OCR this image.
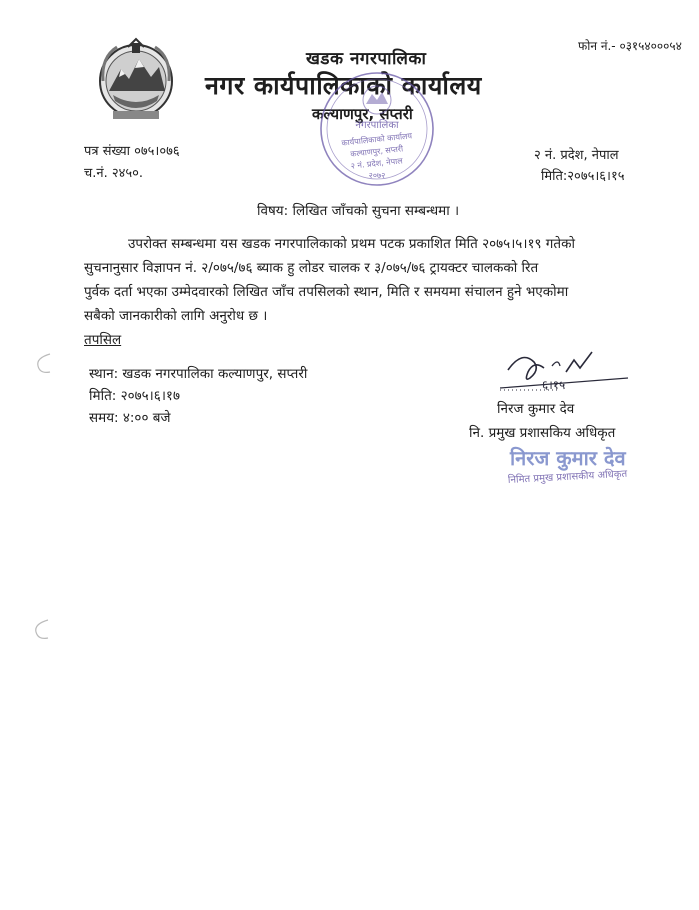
खडक नगरपालिका
नगर कार्यपालिकाको कार्यालय
कल्याणपुर, सप्तरी
फोन नं.- ०३१५४०००५४
नगरपालिका
कार्यपालिकाको कार्यालय
कल्याणपुर, सप्तरी
२ नं. प्रदेश, नेपाल
२०७२
पत्र संख्या ०७५।०७६
च.नं. २४५०.
२ नं. प्रदेश, नेपाल
मिति:२०७५।६।१५
विषय: लिखित जाँचको सुचना सम्बन्धमा ।
उपरोक्त सम्बन्धमा यस खडक नगरपालिकाको प्रथम पटक प्रकाशित मिति २०७५।५।१९ गतेको
सुचनानुसार विज्ञापन नं. २/०७५/७६ ब्याक हु लोडर चालक र ३/०७५/७६ ट्रायक्टर चालकको रित
पुर्वक दर्ता भएका उम्मेदवारको लिखित जाँच तपसिलको स्थान, मिति र समयमा संचालन हुने भएकोमा
सबैको जानकारीको लागि अनुरोध छ ।
तपसिल
स्थान: खडक नगरपालिका कल्याणपुर, सप्तरी
मिति: २०७५।६।१७
समय: ४:०० बजे
६।१५
निरज कुमार देव
नि. प्रमुख प्रशासकिय अधिकृत
निरज कुमार देव
निमित प्रमुख प्रशासकीय अधिकृत
